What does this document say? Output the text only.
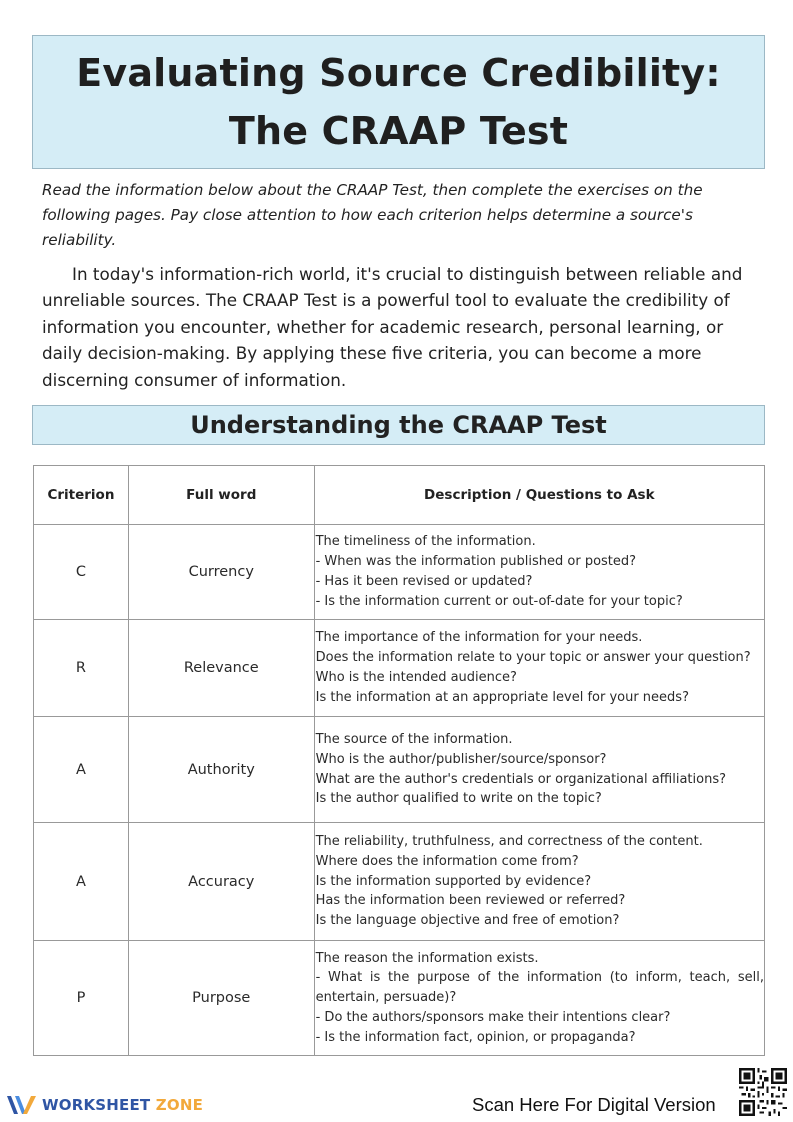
Evaluating Source Credibility:
The CRAAP Test
Read the information below about the CRAAP Test, then complete the exercises on the following pages. Pay close attention to how each criterion helps determine a source's reliability.
In today's information-rich world, it's crucial to distinguish between reliable and unreliable sources. The CRAAP Test is a powerful tool to evaluate the credibility of information you encounter, whether for academic research, personal learning, or daily decision-making. By applying these five criteria, you can become a more discerning consumer of information.
Understanding the CRAAP Test
Criterion	Full word	Description / Questions to Ask
C	Currency	The timeliness of the information.
- When was the information published or posted?
- Has it been revised or updated?
- Is the information current or out-of-date for your topic?

R	Relevance	The importance of the information for your needs.
Does the information relate to your topic or answer your question?
Who is the intended audience?
Is the information at an appropriate level for your needs?

A	Authority	The source of the information.
Who is the author/publisher/source/sponsor?
What are the author's credentials or organizational affiliations?
Is the author qualified to write on the topic?

A	Accuracy	The reliability, truthfulness, and correctness of the content.
Where does the information come from?
Is the information supported by evidence?
Has the information been reviewed or referred?
Is the language objective and free of emotion?

P	Purpose	The reason the information exists.
- What is the purpose of the information (to inform, teach, sell, entertain, persuade)?
- Do the authors/sponsors make their intentions clear?
- Is the information fact, opinion, or propaganda?
WORKSHEET ZONE	Scan Here For Digital Version
